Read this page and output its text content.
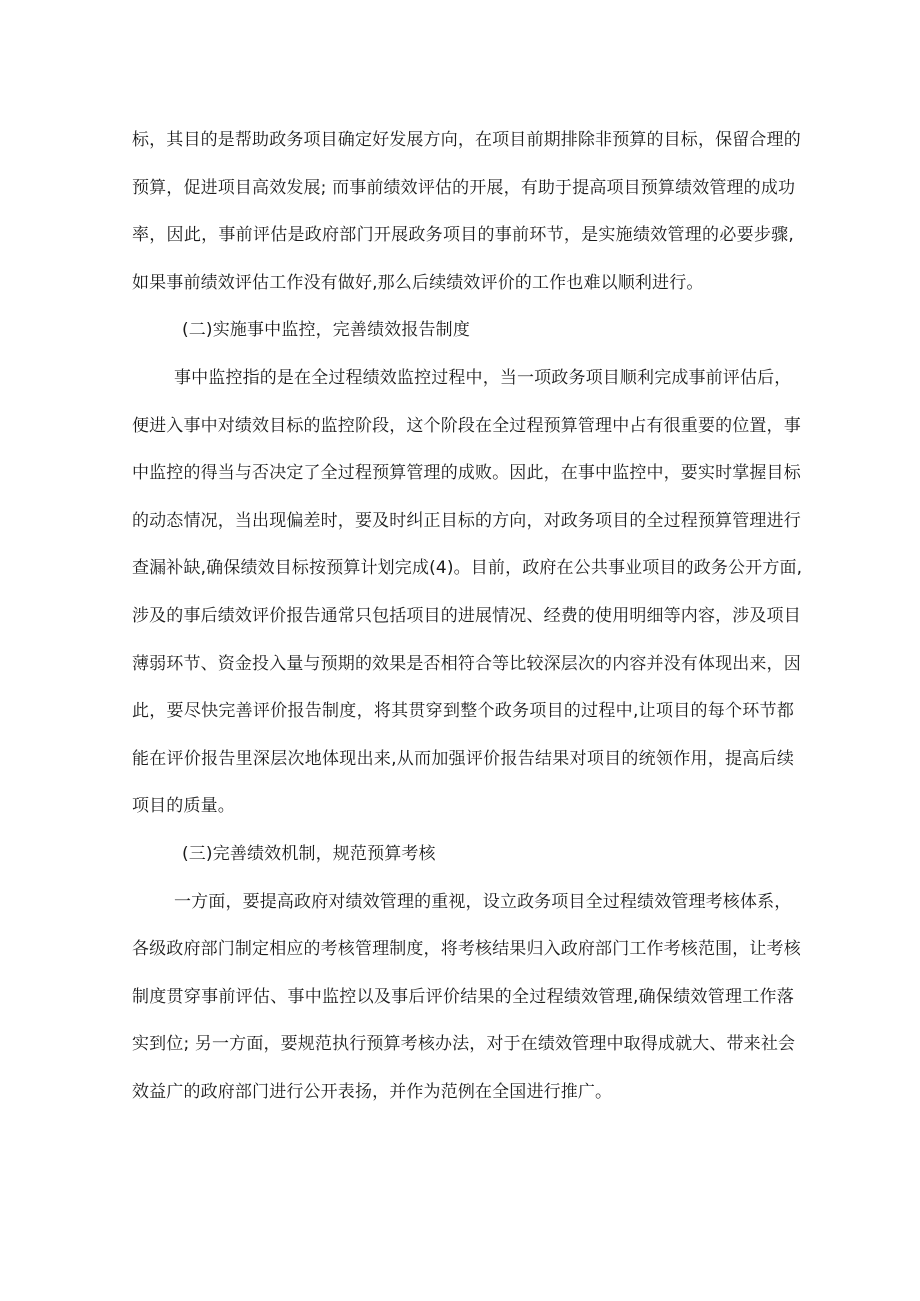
标，其目的是帮助政务项目确定好发展方向，在项目前期排除非预算的目标，保留合理的
预算，促进项目高效发展; 而事前绩效评估的开展，有助于提高项目预算绩效管理的成功
率，因此，事前评估是政府部门开展政务项目的事前环节，是实施绩效管理的必要步骤,
如果事前绩效评估工作没有做好,那么后续绩效评价的工作也难以顺利进行。
(二)实施事中监控，完善绩效报告制度
事中监控指的是在全过程绩效监控过程中，当一项政务项目顺利完成事前评估后，
便进入事中对绩效目标的监控阶段，这个阶段在全过程预算管理中占有很重要的位置，事
中监控的得当与否决定了全过程预算管理的成败。因此，在事中监控中，要实时掌握目标
的动态情况，当出现偏差时，要及时纠正目标的方向，对政务项目的全过程预算管理进行
查漏补缺,确保绩效目标按预算计划完成(4)。目前，政府在公共事业项目的政务公开方面,
涉及的事后绩效评价报告通常只包括项目的进展情况、经费的使用明细等内容，涉及项目
薄弱环节、资金投入量与预期的效果是否相符合等比较深层次的内容并没有体现出来，因
此，要尽快完善评价报告制度，将其贯穿到整个政务项目的过程中,让项目的每个环节都
能在评价报告里深层次地体现出来,从而加强评价报告结果对项目的统领作用，提高后续
项目的质量。
(三)完善绩效机制，规范预算考核
一方面，要提高政府对绩效管理的重视，设立政务项目全过程绩效管理考核体系，
各级政府部门制定相应的考核管理制度，将考核结果归入政府部门工作考核范围，让考核
制度贯穿事前评估、事中监控以及事后评价结果的全过程绩效管理,确保绩效管理工作落
实到位; 另一方面，要规范执行预算考核办法，对于在绩效管理中取得成就大、带来社会
效益广的政府部门进行公开表扬，并作为范例在全国进行推广。
